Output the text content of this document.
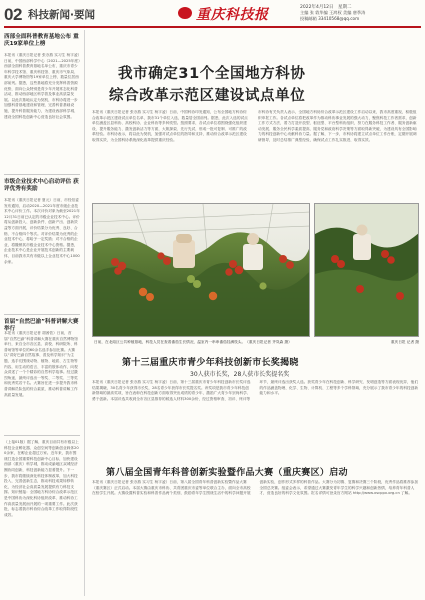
02 科技新闻·要闻	重庆科技报	2022年4月12日　星期二
主编 张 敦华编 王鸿权 美编 唐季涛
投稿邮箱 33410568@qq.com
西部全面科普教育基地公布 重庆19家单位上榜
本报讯（重庆日报记者 张亦燕 实习生 杨宇凌）日前，中国西部科学中心（2021—2025年度）西部全面科普教育基地名单公布，重庆市青少年科学技术馆、重庆科技馆、重庆市气象局、重庆大学博物馆等19家单位上榜，数量位居西部前列。据悉，这些基地将充分发挥科普资源优势，面向公众特别是青少年开展常态化科普活动，推动西部地区科学普及事业高质量发展。以此次基地认定为契机，市科协将进一步加强科普基地建设和管理，完善科普基础设施，提升科普服务能力，为建设西部科学城、建设全国科技创新中心营造良好社会氛围。
市级企业技术中心启动评估 获评优秀有奖励
本报讯（重庆日报记者 夏元）日前，市经信委发布通知，启动2020—2021年度市级企业技术中心评价工作。本次评价对象为截至2021年12月31日前已认定的市级企业技术中心。评价将从创新投入、创新条件、创新产出、创新效益等方面开展，评价结果分为优秀、良好、合格、不合格四个等次。对评价结果为优秀的企业技术中心，将给予一定奖励；对不合格的企业，将撤销其市级企业技术中心资格。据悉，企业技术中心是企业开展技术创新的主要载体，目前我市共有市级以上企业技术中心1000余家。
首届“自然巴渝”科普讲解大赛举行
本报讯（重庆日报记者 胡茜依）日前，首届“自然巴渝”科普讲解大赛在重庆自然博物馆举行，来自全市各区县、高校、科研院所、科普场馆等单位的60余名选手参加比赛。大赛以“讲好巴渝自然故事、普及科学知识”为主题，选手们围绕动物、植物、地质、古生物等内容，用生动的语言、丰富的肢体动作，向观众讲述了一个个精彩的自然科学故事。经过激烈角逐，最终评选出一等奖、二等奖、三等奖和优秀奖若干名。大赛旨在进一步提升我市科普讲解员队伍的综合素质，推动科普讲解工作高质量发展。
（上接01版）据了解，重庆目前共有市级以上科技企业孵化器、众创空间等创新创业载体200余家，在孵企业超过万家。近年来，我市围绕打造全国重要科技创新中心目标，加快建设西部（重庆）科学城，推动成渝地区双城经济圈协同创新，科技创新能力显著提升。下一步，我市将继续深化科技体制改革，加大科技投入，完善创新生态，推动科技成果转移转化，为经济社会高质量发展提供有力科技支撑。知识链接：全国地方科协综合改革示范区是中国科协为深化科协组织改革、推动科协工作高质量发展而开展的一项重要工作。此次获批，标志着我市科协综合改革工作取得阶段性成效。
我市确定31个全国地方科协
综合改革示范区建设试点单位
本报讯（重庆日报记者 张亦燕 实习生 杨宇凌）日前，中国科协印发通知，公布全国地方科协综合改革示范区建设试点单位名单，我市31个单位入选，数量居全国前列。据悉，此次入选的试点单位涵盖区县科协、高校科协、企业科协等多种类型。按照要求，各试点单位将围绕强化组织建设、提升服务能力、激发创新活力等方面，大胆探索、先行先试，形成一批可复制、可推广的改革经验。市科协表示，将以此为契机，加强对试点单位的指导和支持，推动综合改革示范区建设取得实效，为全国科协系统深化改革提供重庆经验。
市科协有关负责人表示，全国地方科协综合改革示范区建设工作启动以来，我市高度重视，积极组织申报工作。各试点单位将把改革作为推动科协事业发展的强大动力，聚焦科技工作者需求，创新工作方式方法，着力打造开放型、枢纽型、平台型科协组织，努力在服务科技工作者、服务创新驱动发展、服务全民科学素质提高、服务党和政府科学决策等方面取得新突破，为建设具有全国影响力的科技创新中心贡献科协力量。据了解，下一步，市科协将建立试点单位工作台账，定期开展调研督导，及时总结推广典型经验，确保试点工作扎实推进、取得实效。
日前，在北碚区公共种植基地，科技人员在查看番茄生长情况，温室内一串串番茄挂满枝头。（重庆日报记者 齐岚森 摄）	重庆日报 记者 摄
第十三届重庆市青少年科技创新市长奖揭晓
30人获市长奖，28人获市长奖提名奖
本报讯（重庆日报记者 张亦燕 实习生 杨宇凌）日前，第十三届重庆市青少年科技创新市长奖评选结果揭晓，30名青少年获得市长奖，28名青少年获得市长奖提名奖。该奖项是我市青少年科技创新领域的最高奖项，旨在表彰在科技创新方面取得突出成绩的青少年，激励广大青少年崇尚科学、勇于创新。本届评选共收到全市各区县推荐的候选人材料300余份，经过资格审查、初评、终评等环节，最终评选出获奖人选。获奖青少年在科技创新、科学研究、发明创造等方面表现优异，他们的作品涵盖物理、化学、生物、计算机、工程等多个学科领域，充分展示了我市青少年的科技创新能力和水平。
第八届全国青年科普创新实验暨作品大赛（重庆赛区）启动
本报讯（重庆日报记者 张亦燕 实习生 杨宇凌）日前，第八届全国青年科普创新实验暨作品大赛（重庆赛区）正式启动。本届大赛由重庆市科协、共青团重庆市委等单位联合主办，面向全市高校在校学生开展。大赛设置科普实验和科普作品两个类别，鼓励青年学生围绕生活中的科学问题开展创新实验，创作形式多样的科普作品。大赛分为初赛、复赛和决赛三个阶段，优秀作品将推荐参加全国总决赛。组委会表示，希望通过大赛激发青年学生的科学兴趣和创新热情，培养青年科普人才，营造良好的科学文化氛围。报名详情可登录官方网站 http://www.xscppx.org.cn 了解。
